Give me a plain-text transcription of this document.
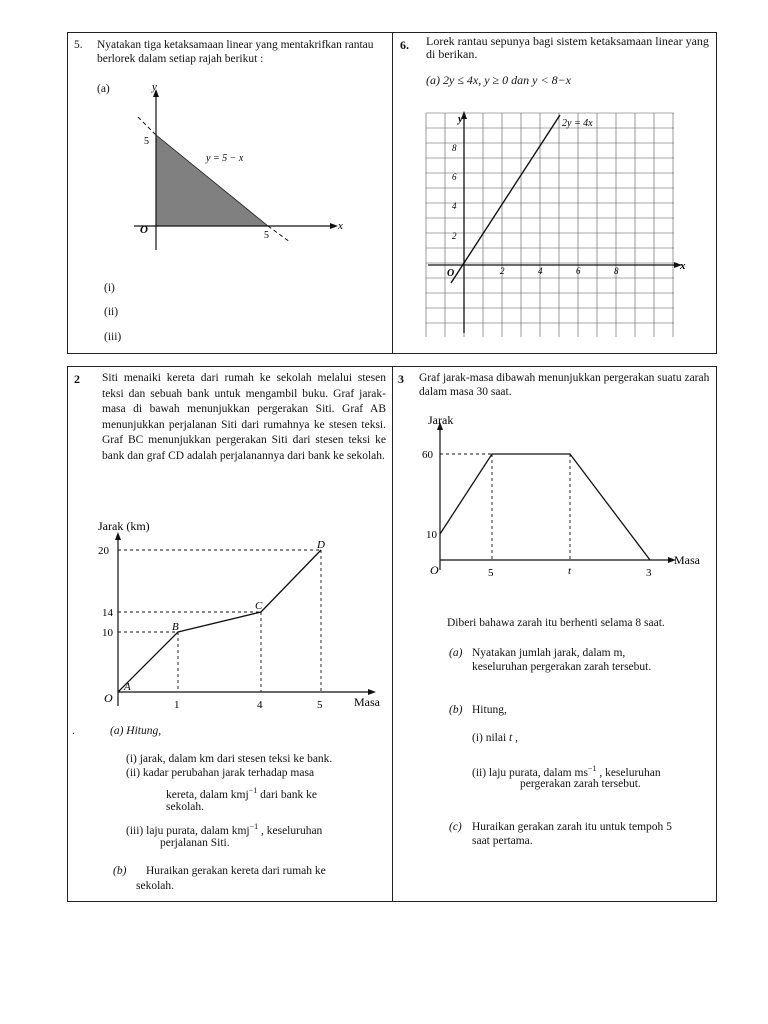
5. Nyatakan tiga ketaksamaan linear yang mentakrifkan rantau berlorek dalam setiap rajah berikut :
(a)	y
x
O
5
5
y = 5 − x
(i)
(ii)
(iii)
6. Lorek rantau sepunya bagi sistem ketaksamaan linear yang di berikan.
(a) 2y ≤ 4x, y ≥ 0 dan y < 8−x
2y = 4x
y
x
O
2
4
6
8
2	4	6	8
2 Siti menaiki kereta dari rumah ke sekolah melalui stesen teksi dan sebuah bank untuk mengambil buku. Graf jarak-masa di bawah menunjukkan pergerakan Siti. Graf AB menunjukkan perjalanan Siti dari rumahnya ke stesen teksi. Graf BC menunjukkan pergerakan Siti dari stesen teksi ke bank dan graf CD adalah perjalanannya dari bank ke sekolah.
Jarak (km)
Masa
O
20
14
10
1	4	5
A
B
C
D
.	(a) Hitung,
(i) jarak, dalam km dari stesen teksi ke bank.
(ii) kadar perubahan jarak terhadap masa
kereta, dalam kmj$^{-1}$ dari bank ke
sekolah.
(iii) laju purata, dalam kmj$^{-1}$ , keseluruhan
perjalanan Siti.
(b) Huraikan gerakan kereta dari rumah ke
sekolah.
3 Graf jarak-masa dibawah menunjukkan pergerakan suatu zarah dalam masa 30 saat.
Jarak
Masa
O
60
10
5	t	3
Diberi bahawa zarah itu berhenti selama 8 saat.
(a) Nyatakan jumlah jarak, dalam m,
keseluruhan pergerakan zarah tersebut.
(b) Hitung,
(i) nilai t ,
(ii) laju purata, dalam $ms^{-1}$ , keseluruhan
pergerakan zarah tersebut.
(c) Huraikan gerakan zarah itu untuk tempoh 5
saat pertama.
